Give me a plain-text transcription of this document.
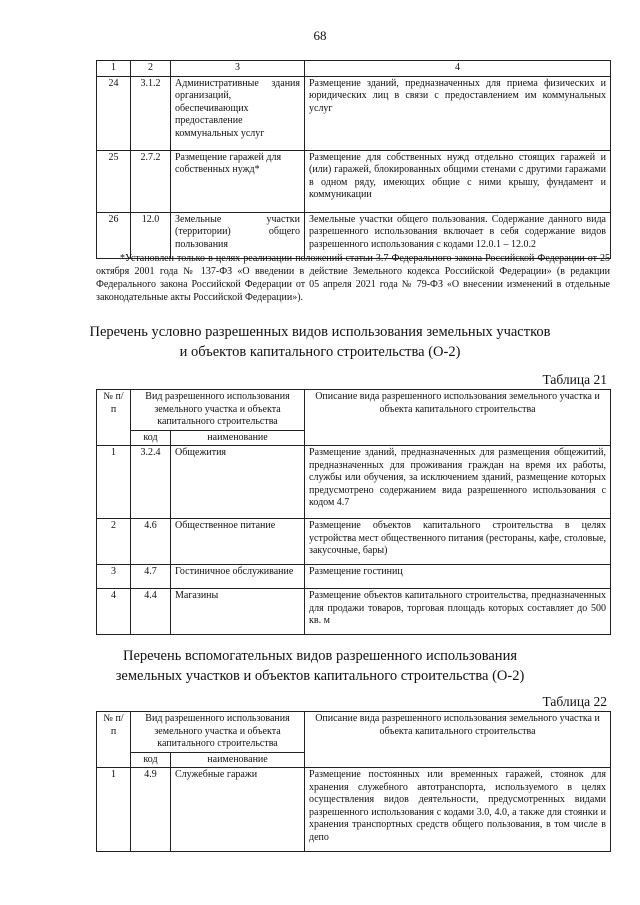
68
1	2	3	4
24	3.1.2	Административные здания организаций, обеспечивающих предоставление коммунальных услуг	Размещение зданий, предназначенных для приема физических и юридических лиц в связи с предоставлением им коммунальных услуг
25	2.7.2	Размещение гаражей для собственных нужд*	Размещение для собственных нужд отдельно стоящих гаражей и (или) гаражей, блокированных общими стенами с другими гаражами в одном ряду, имеющих общие с ними крышу, фундамент и коммуникации
26	12.0	Земельные участки (территории) общего пользования	Земельные участки общего пользования. Содержание данного вида разрешенного использования включает в себя содержание видов разрешенного использования с кодами 12.0.1 – 12.0.2
*Установлен только в целях реализации положений статьи 3.7 Федерального закона Российской Федерации от 25 октября 2001 года № 137-ФЗ «О введении в действие Земельного кодекса Российской Федерации» (в редакции Федерального закона Российской Федерации от 05 апреля 2021 года № 79-ФЗ «О внесении изменений в отдельные законодательные акты Российской Федерации»).
Перечень условно разрешенных видов использования земельных участков
и объектов капитального строительства (О-2)
Таблица 21
№ п/п	Вид разрешенного использования земельного участка и объекта капитального строительства		Описание вида разрешенного использования земельного участка и объекта капитального строительства
	код	наименование	
1	3.2.4	Общежития	Размещение зданий, предназначенных для размещения общежитий, предназначенных для проживания граждан на время их работы, службы или обучения, за исключением зданий, размещение которых предусмотрено содержанием вида разрешенного использования с кодом 4.7
2	4.6	Общественное питание	Размещение объектов капитального строительства в целях устройства мест общественного питания (рестораны, кафе, столовые, закусочные, бары)
3	4.7	Гостиничное обслуживание	Размещение гостиниц
4	4.4	Магазины	Размещение объектов капитального строительства, предназначенных для продажи товаров, торговая площадь которых составляет до 500 кв. м
Перечень вспомогательных видов разрешенного использования
земельных участков и объектов капитального строительства (О-2)
Таблица 22
№ п/п	Вид разрешенного использования земельного участка и объекта капитального строительства		Описание вида разрешенного использования земельного участка и объекта капитального строительства
	код	наименование	
1	4.9	Служебные гаражи	Размещение постоянных или временных гаражей, стоянок для хранения служебного автотранспорта, используемого в целях осуществления видов деятельности, предусмотренных видами разрешенного использования с кодами 3.0, 4.0, а также для стоянки и хранения транспортных средств общего пользования, в том числе в депо
